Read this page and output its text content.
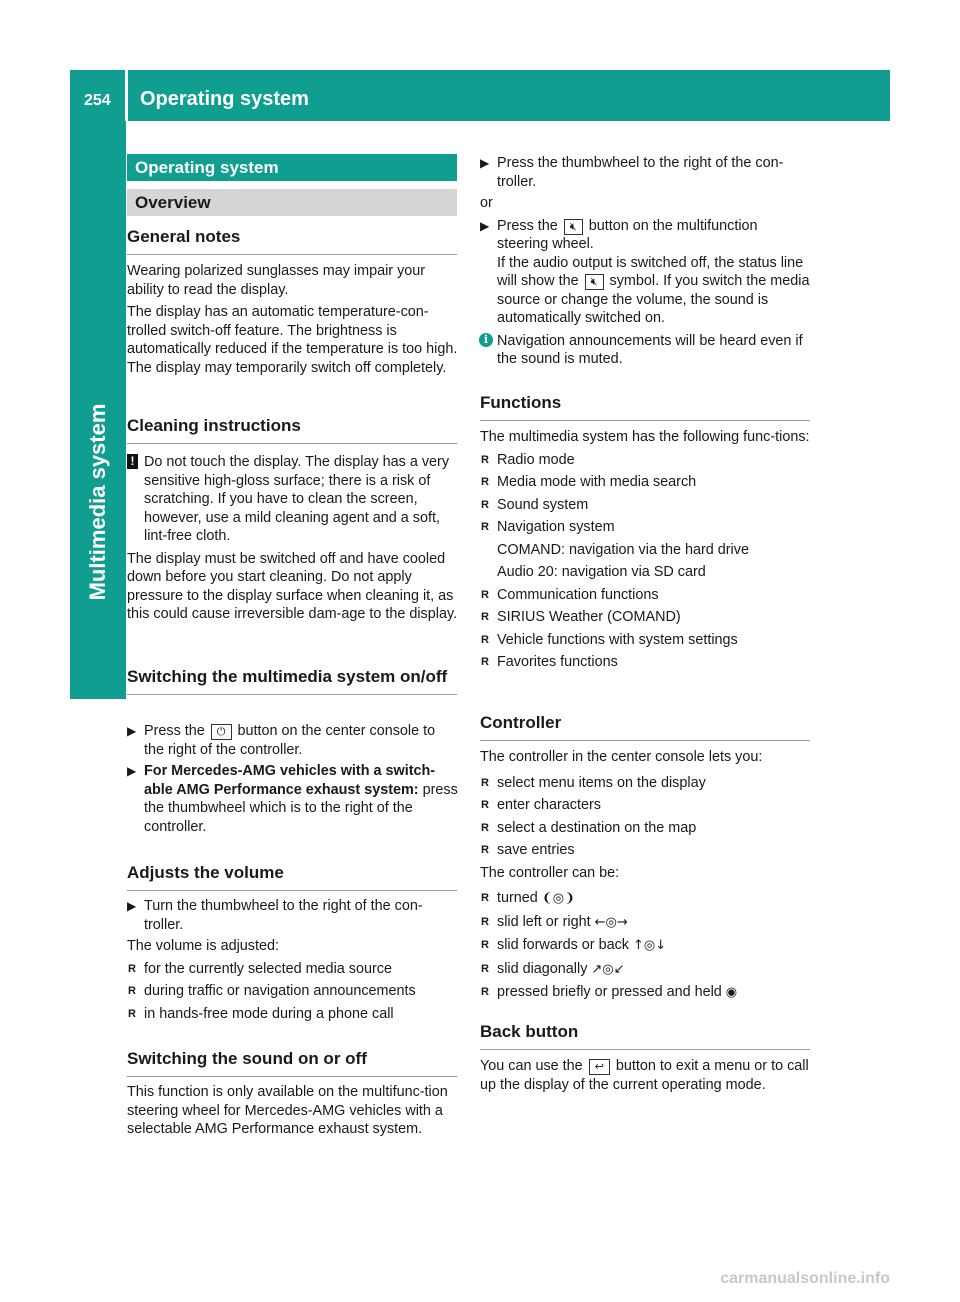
254 Operating system
Multimedia system
Operating system
Overview
General notes

Wearing polarized sunglasses may impair your ability to read the display.

The display has an automatic temperature-con-trolled switch-off feature. The brightness is automatically reduced if the temperature is too high. The display may temporarily switch off completely.

Cleaning instructions
! Do not touch the display. The display has a very sensitive high-gloss surface; there is a risk of scratching. If you have to clean the screen, however, use a mild cleaning agent and a soft, lint-free cloth.

The display must be switched off and have cooled down before you start cleaning. Do not apply pressure to the display surface when cleaning it, as this could cause irreversible dam-age to the display.

Switching the multimedia system on/off
▶ Press the ⏻ button on the center console to the right of the controller.
▶ For Mercedes-AMG vehicles with a switch-able AMG Performance exhaust system: press the thumbwheel which is to the right of the controller.
Adjusts the volume
▶ Turn the thumbwheel to the right of the con-troller.

The volume is adjusted:

R for the currently selected media source
R during traffic or navigation announcements
R in hands-free mode during a phone call
Switching the sound on or off

This function is only available on the multifunc-tion steering wheel for Mercedes-AMG vehicles with a selectable AMG Performance exhaust system.

▶ Press the thumbwheel to the right of the con-troller.

or

▶ Press the 🔇︎ button on the multifunction steering wheel.
If the audio output is switched off, the status line will show the 🔇︎ symbol. If you switch the media source or change the volume, the sound is automatically switched on.
i Navigation announcements will be heard even if the sound is muted.
Functions

The multimedia system has the following func-tions:

R Radio mode
R Media mode with media search
R Sound system
R Navigation system
COMAND: navigation via the hard drive
Audio 20: navigation via SD card
R Communication functions
R SIRIUS Weather (COMAND)
R Vehicle functions with system settings
R Favorites functions
Controller

The controller in the center console lets you:

R select menu items on the display
R enter characters
R select a destination on the map
R save entries

The controller can be:

R turned ❨◎❩
R slid left or right ←◎→
R slid forwards or back ↑◎↓
R slid diagonally ↗◎↙
R pressed briefly or pressed and held ◉
Back button
You can use the ↩ button to exit a menu or to call up the display of the current operating mode.
carmanualsonline.info
